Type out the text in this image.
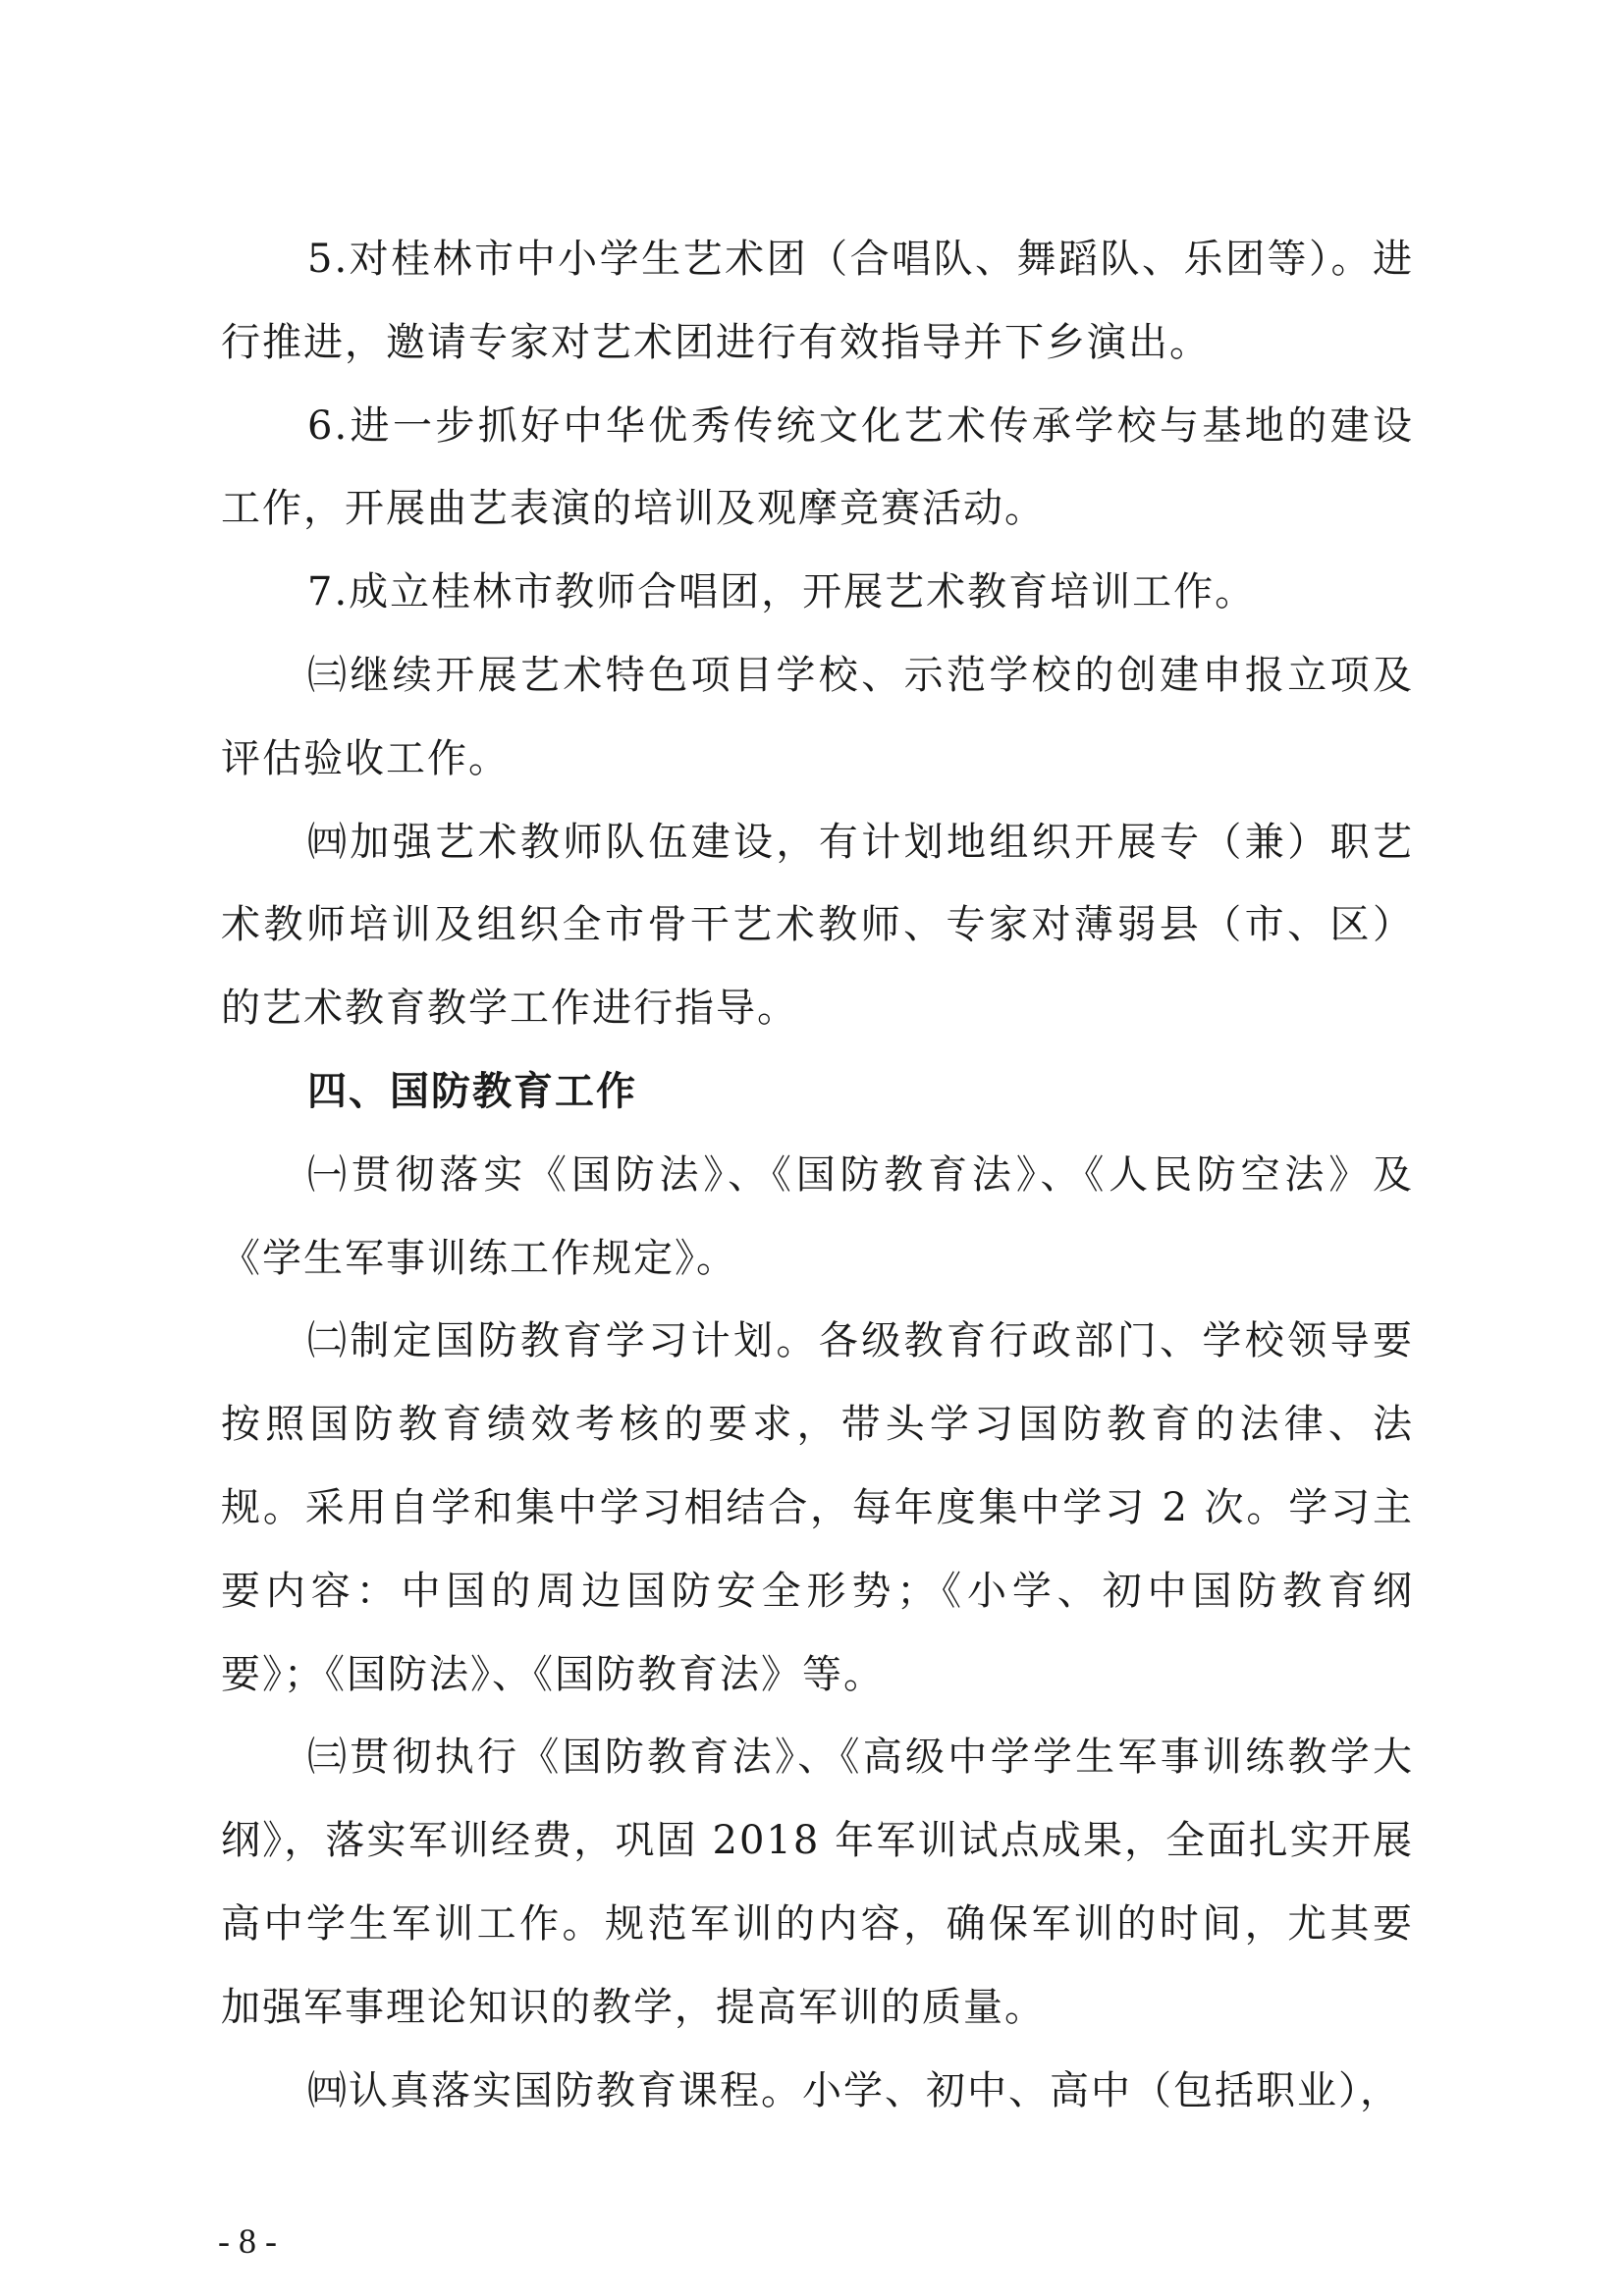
5.对桂林市中小学生艺术团（合唱队、舞蹈队、乐团等）。进行推进，邀请专家对艺术团进行有效指导并下乡演出。

6.进一步抓好中华优秀传统文化艺术传承学校与基地的建设工作，开展曲艺表演的培训及观摩竞赛活动。

7.成立桂林市教师合唱团，开展艺术教育培训工作。

㈢继续开展艺术特色项目学校、示范学校的创建申报立项及评估验收工作。

㈣加强艺术教师队伍建设，有计划地组织开展专（兼）职艺术教师培训及组织全市骨干艺术教师、专家对薄弱县（市、区）的艺术教育教学工作进行指导。

四、国防教育工作

㈠贯彻落实《国防法》、《国防教育法》、《人民防空法》及《学生军事训练工作规定》。

㈡制定国防教育学习计划。各级教育行政部门、学校领导要按照国防教育绩效考核的要求，带头学习国防教育的法律、法规。采用自学和集中学习相结合，每年度集中学习 2 次。学习主要内容：中国的周边国防安全形势；《小学、初中国防教育纲要》；《国防法》、《国防教育法》等。

㈢贯彻执行《国防教育法》、《高级中学学生军事训练教学大纲》，落实军训经费，巩固 2018 年军训试点成果，全面扎实开展高中学生军训工作。规范军训的内容，确保军训的时间，尤其要加强军事理论知识的教学，提高军训的质量。

㈣认真落实国防教育课程。小学、初中、高中（包括职业），

- 8 -
